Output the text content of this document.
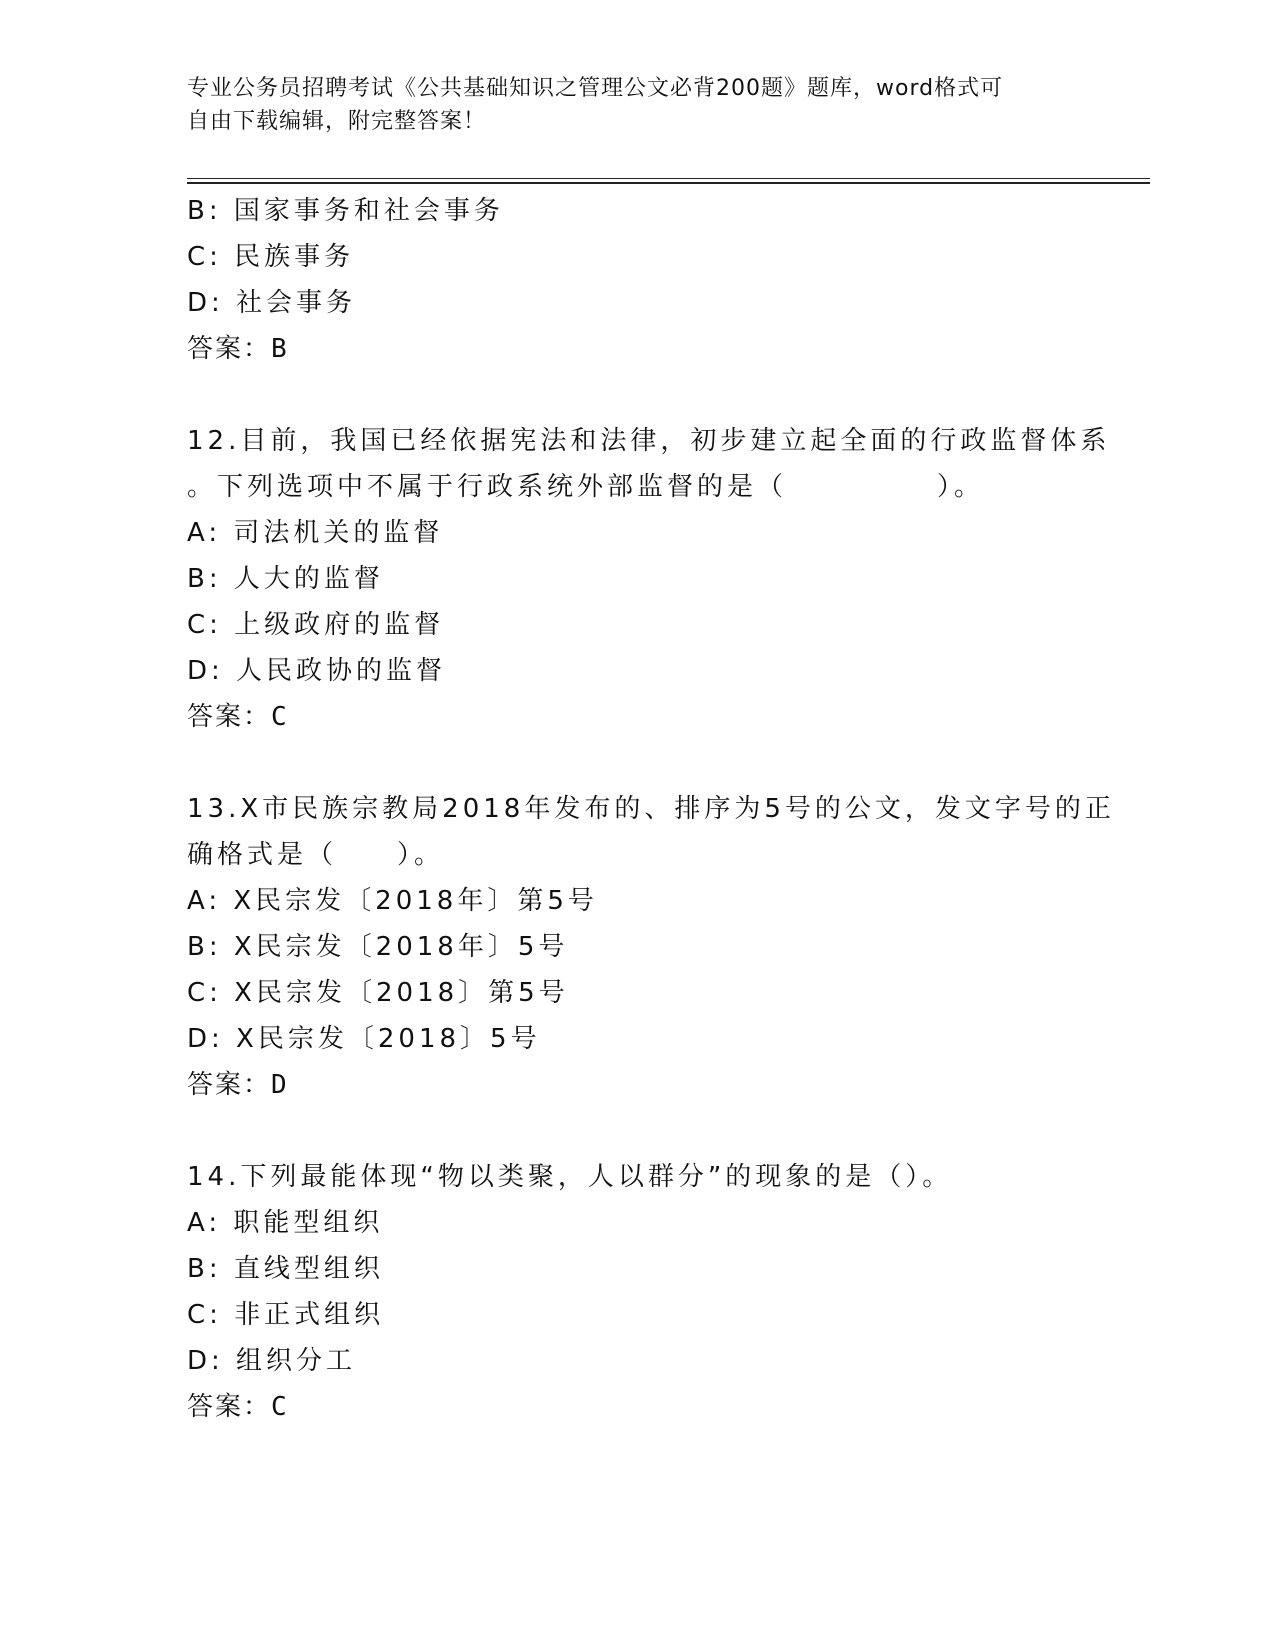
专业公务员招聘考试《公共基础知识之管理公文必背200题》题库，word格式可
自由下载编辑，附完整答案！
B: 国家事务和社会事务
C: 民族事务
D: 社会事务
答案：B
12.目前，我国已经依据宪法和法律，初步建立起全面的行政监督体系
。下列选项中不属于行政系统外部监督的是（　　　　　）。
A: 司法机关的监督
B: 人大的监督
C: 上级政府的监督
D: 人民政协的监督
答案：C
13.X市民族宗教局2018年发布的、排序为5号的公文，发文字号的正
确格式是（　　）。
A: X民宗发〔2018年〕第5号
B: X民宗发〔2018年〕5号
C: X民宗发〔2018〕第5号
D: X民宗发〔2018〕5号
答案：D
14.下列最能体现“物以类聚，人以群分”的现象的是（）。
A: 职能型组织
B: 直线型组织
C: 非正式组织
D: 组织分工
答案：C
